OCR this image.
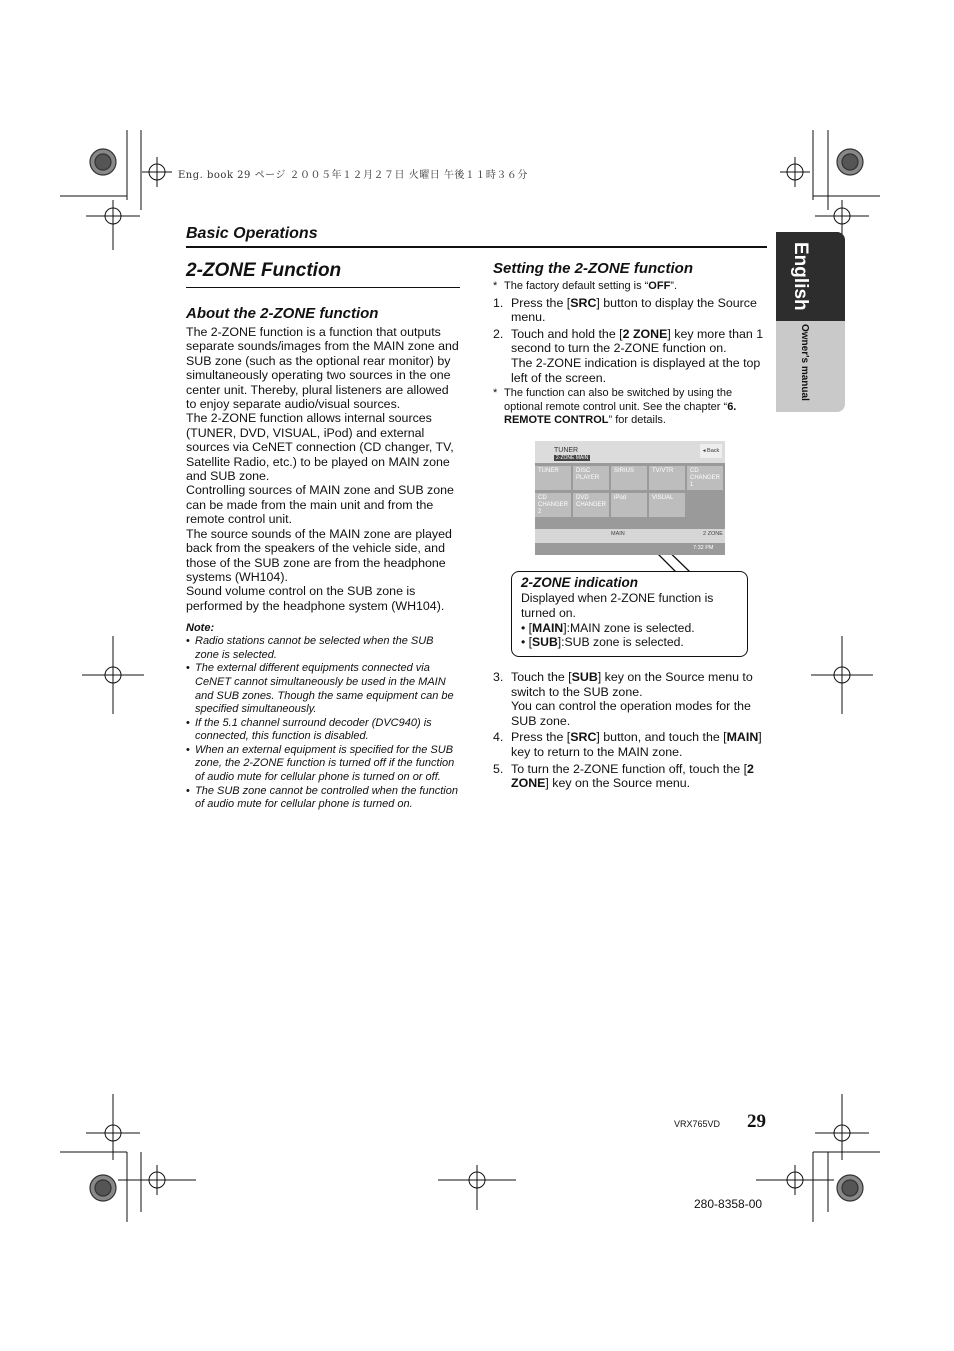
Eng. book 29 ページ ２００５年１２月２７日 火曜日 午後１１時３６分
Basic Operations
English
Owner's manual
2-ZONE Function
About the 2-ZONE function

The 2-ZONE function is a function that outputs separate sounds/images from the MAIN zone and SUB zone (such as the optional rear monitor) by simultaneously operating two sources in the one center unit. Thereby, plural listeners are allowed to enjoy separate audio/visual sources.

The 2-ZONE function allows internal sources (TUNER, DVD, VISUAL, iPod) and external sources via CeNET connection (CD changer, TV, Satellite Radio, etc.) to be played on MAIN zone and SUB zone.

Controlling sources of MAIN zone and SUB zone can be made from the main unit and from the remote control unit.

The source sounds of the MAIN zone are played back from the speakers of the vehicle side, and those of the SUB zone are from the headphone systems (WH104).

Sound volume control on the SUB zone is performed by the headphone system (WH104).

Note:
• Radio stations cannot be selected when the SUB zone is selected.
• The external different equipments connected via CeNET cannot simultaneously be used in the MAIN and SUB zones. Though the same equipment can be specified simultaneously.
• If the 5.1 channel surround decoder (DVC940) is connected, this function is disabled.
• When an external equipment is specified for the SUB zone, the 2-ZONE function is turned off if the function of audio mute for cellular phone is turned on or off.
• The SUB zone cannot be controlled when the function of audio mute for cellular phone is turned on.
Setting the 2-ZONE function
* The factory default setting is “OFF”.
1. Press the [SRC] button to display the Source menu.
2. Touch and hold the [2 ZONE] key more than 1 second to turn the 2-ZONE function on.
The 2-ZONE indication is displayed at the top left of the screen.
* The function can also be switched by using the optional remote control unit. See the chapter “6. REMOTE CONTROL” for details.
TUNER
2-ZONE MAIN
◂ Back
TUNER	DISC PLAYER
SIRIUS	TV/VTR	CD CHANGER 1
CD CHANGER 2
DVD CHANGER
iPod	VISUAL
MAIN	2 ZONE
7:32 PM
2-ZONE indication
Displayed when 2-ZONE function is turned on.
• [MAIN]:MAIN zone is selected.
• [SUB]:SUB zone is selected.
3. Touch the [SUB] key on the Source menu to switch to the SUB zone.
You can control the operation modes for the SUB zone.
4. Press the [SRC] button, and touch the [MAIN] key to return to the MAIN zone.
5. To turn the 2-ZONE function off, touch the [2 ZONE] key on the Source menu.
VRX765VD 29
280-8358-00
